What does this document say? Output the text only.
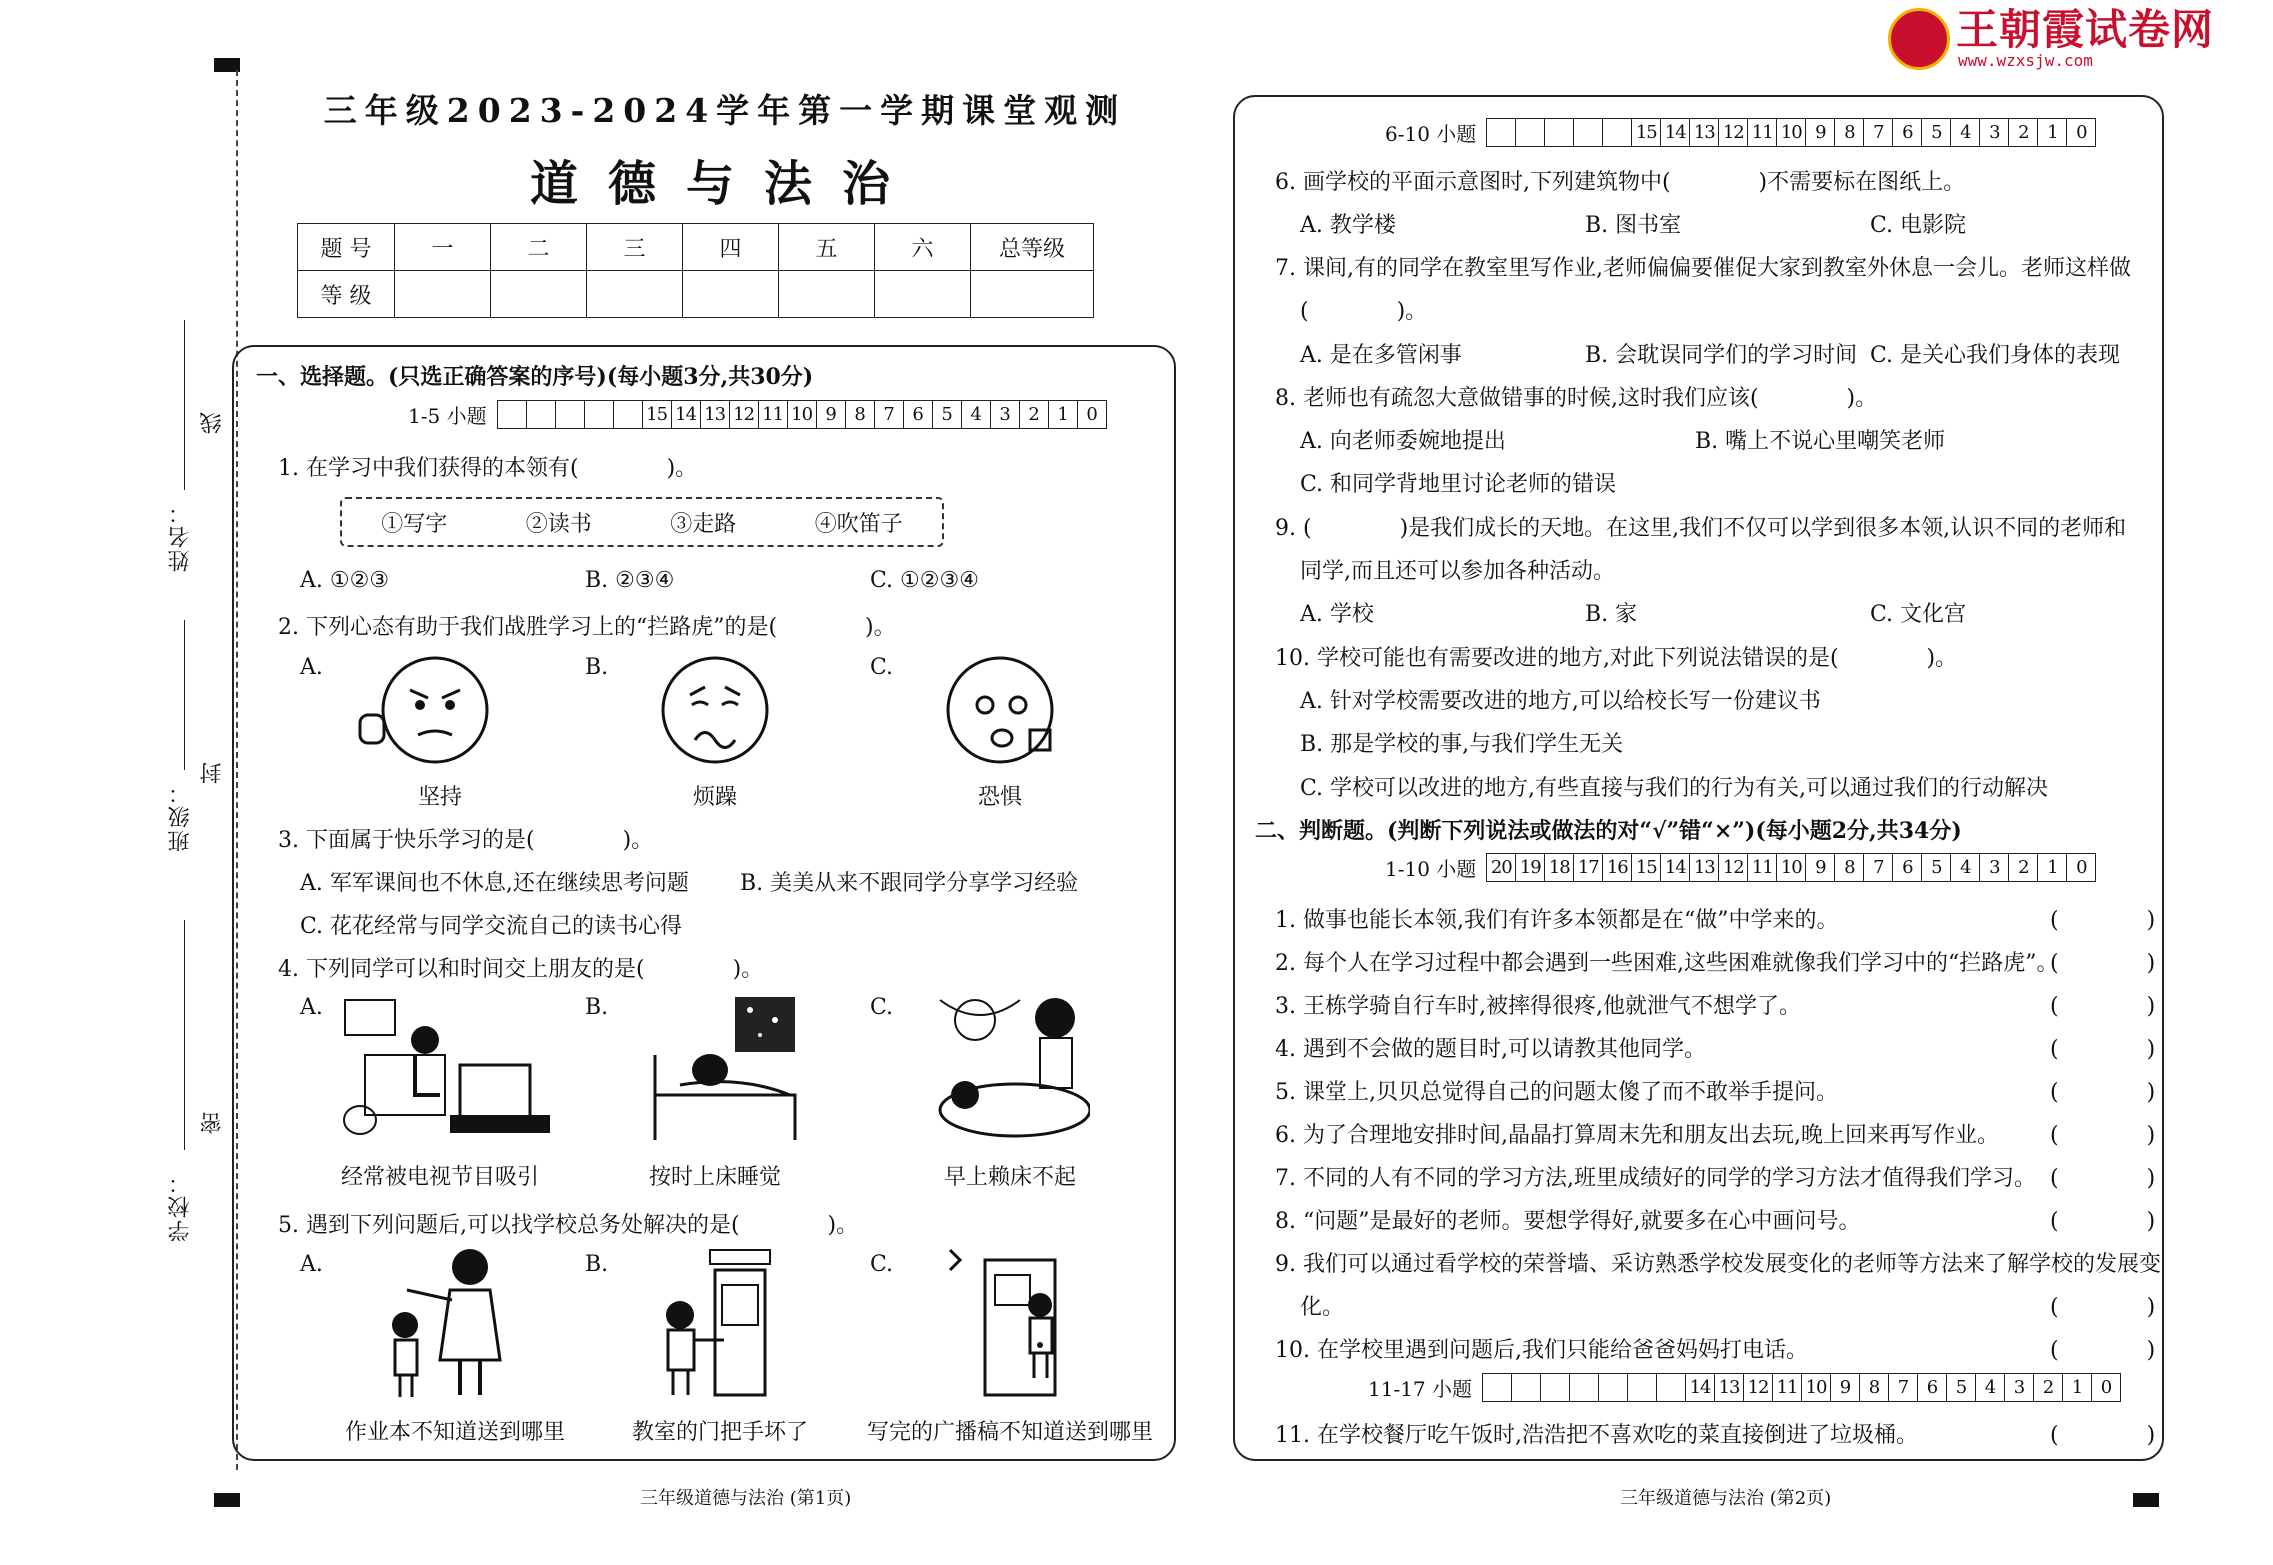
王朝霞试卷网
www.wzxsjw.com
学校：
班级：
姓名：
密
封
线
三年级2023-2024学年第一学期课堂观测
道德与法治
题 号	一	二	三	四	五	六	总等级
等 级							
一、选择题。(只选正确答案的序号)(每小题3分,共30分)
1-5 小题	15 14 13 12 11 10 9	8	7	6	5	4	3	2	1	0
1. 在学习中我们获得的本领有(　　　　)。
①写字	②读书	③走路	④吹笛子
A. ①②③	B. ②③④	C. ①②③④
2. 下列心态有助于我们战胜学习上的“拦路虎”的是(　　　　)。
A.	B.	C.
坚持	烦躁	恐惧
3. 下面属于快乐学习的是(　　　　)。
A. 军军课间也不休息,还在继续思考问题 B. 美美从来不跟同学分享学习经验
C. 花花经常与同学交流自己的读书心得
4. 下列同学可以和时间交上朋友的是(　　　　)。
A.	B.	C.
经常被电视节目吸引	按时上床睡觉	早上赖床不起
5. 遇到下列问题后,可以找学校总务处解决的是(　　　　)。
A.	B.	C.
作业本不知道送到哪里	教室的门把手坏了	写完的广播稿不知道送到哪里
6-10 小题	15 14 13 12 11 10 9	8	7	6	5	4	3	2	1	0
6. 画学校的平面示意图时,下列建筑物中(　　　　)不需要标在图纸上。
A. 教学楼	B. 图书室	C. 电影院
7. 课间,有的同学在教室里写作业,老师偏偏要催促大家到教室外休息一会儿。老师这样做
(　　　　)。
A. 是在多管闲事	B. 会耽误同学们的学习时间 C. 是关心我们身体的表现
8. 老师也有疏忽大意做错事的时候,这时我们应该(　　　　)。
A. 向老师委婉地提出	B. 嘴上不说心里嘲笑老师
C. 和同学背地里讨论老师的错误
9. (　　　　)是我们成长的天地。在这里,我们不仅可以学到很多本领,认识不同的老师和
同学,而且还可以参加各种活动。
A. 学校	B. 家	C. 文化宫
10. 学校可能也有需要改进的地方,对此下列说法错误的是(　　　　)。
A. 针对学校需要改进的地方,可以给校长写一份建议书
B. 那是学校的事,与我们学生无关
C. 学校可以改进的地方,有些直接与我们的行为有关,可以通过我们的行动解决
二、判断题。(判断下列说法或做法的对“√”错“×”)(每小题2分,共34分)
1-10 小题 20 19 18 17 16 15 14 13 12 11 10 9	8	7	6	5	4	3	2	1	0
1. 做事也能长本领,我们有许多本领都是在“做”中学来的。	(　　　　)
2. 每个人在学习过程中都会遇到一些困难,这些困难就像我们学习中的“拦路虎”。
(　　　　)
3. 王栋学骑自行车时,被摔得很疼,他就泄气不想学了。	(　　　　)
4. 遇到不会做的题目时,可以请教其他同学。	(　　　　)
5. 课堂上,贝贝总觉得自己的问题太傻了而不敢举手提问。	(　　　　)
6. 为了合理地安排时间,晶晶打算周末先和朋友出去玩,晚上回来再写作业。 (　　　　)
7. 不同的人有不同的学习方法,班里成绩好的同学的学习方法才值得我们学习。 (　　　　)
8. “问题”是最好的老师。要想学得好,就要多在心中画问号。	(　　　　)
9. 我们可以通过看学校的荣誉墙、采访熟悉学校发展变化的老师等方法来了解学校的发展变
化。	(　　　　)
10. 在学校里遇到问题后,我们只能给爸爸妈妈打电话。	(　　　　)
11-17 小题	14 13 12 11 10 9	8	7	6	5	4	3	2	1	0
11. 在学校餐厅吃午饭时,浩浩把不喜欢吃的菜直接倒进了垃圾桶。	(　　　　)
三年级道德与法治 (第1页)	三年级道德与法治 (第2页)
